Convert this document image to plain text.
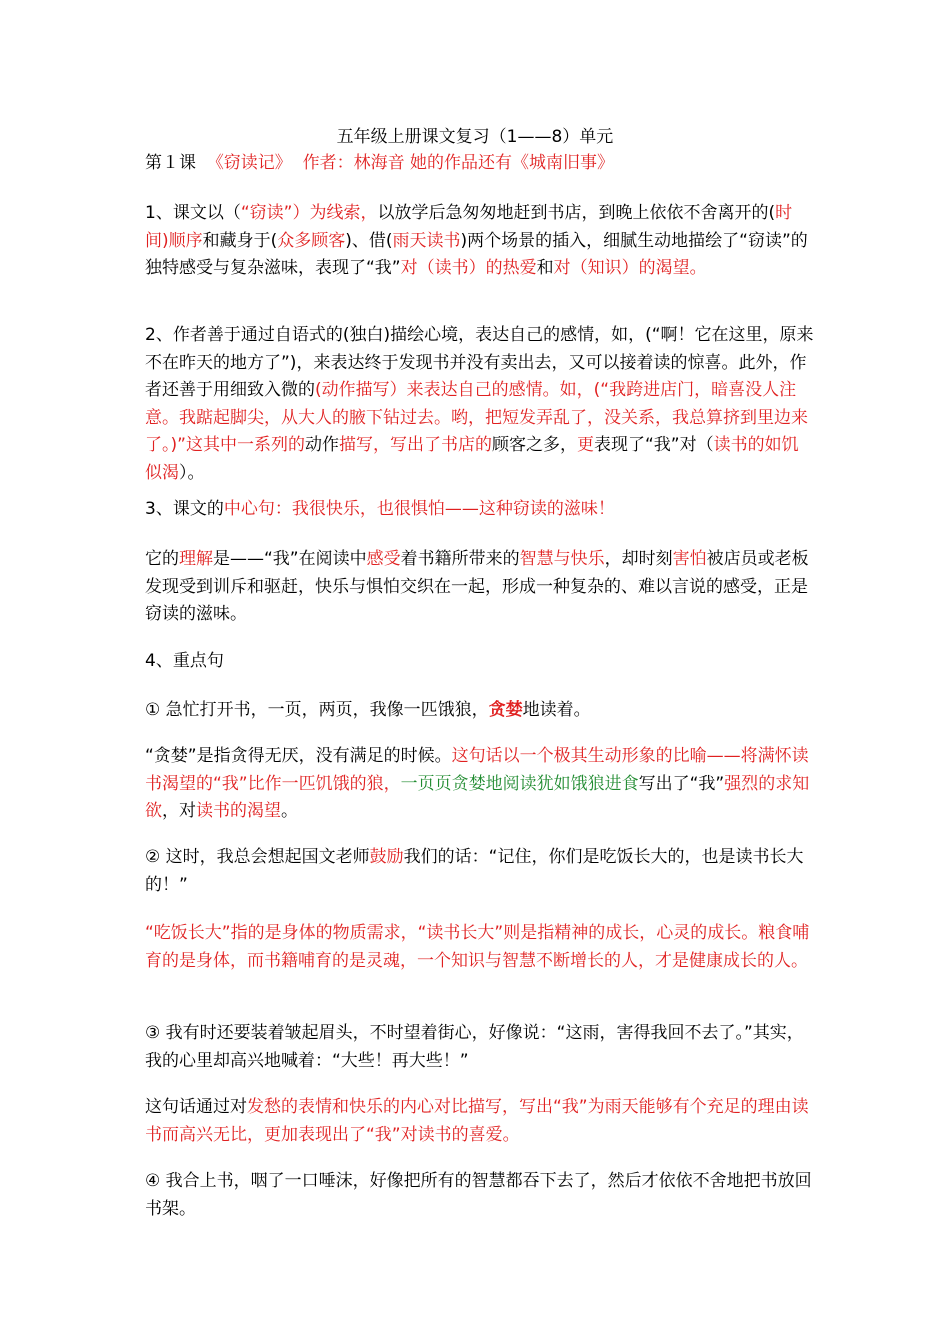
五年级上册课文复习（1——8）单元
第１课 《窃读记》 作者：林海音 她的作品还有《城南旧事》
1、课文以（“窃读”）为线索，以放学后急匆匆地赶到书店，到晚上依依不舍离开的(时间)顺序和藏身于(众多顾客)、借(雨天读书)两个场景的插入，细腻生动地描绘了“窃读”的独特感受与复杂滋味，表现了“我”对（读书）的热爱和对（知识）的渴望。
2、作者善于通过自语式的(独白)描绘心境，表达自己的感情，如，(“啊！它在这里，原来不在昨天的地方了”)，来表达终于发现书并没有卖出去，又可以接着读的惊喜。此外，作者还善于用细致入微的(动作描写）来表达自己的感情。如，(“我跨进店门，暗喜没人注意。我踮起脚尖，从大人的腋下钻过去。哟，把短发弄乱了，没关系，我总算挤到里边来了。)”这其中一系列的动作描写，写出了书店的顾客之多，更表现了“我”对（读书的如饥似渴）。
3、课文的中心句：我很快乐，也很惧怕——这种窃读的滋味！
它的理解是——“我”在阅读中感受着书籍所带来的智慧与快乐，却时刻害怕被店员或老板发现受到训斥和驱赶，快乐与惧怕交织在一起，形成一种复杂的、难以言说的感受，正是窃读的滋味。
4、重点句
① 急忙打开书，一页，两页，我像一匹饿狼，贪婪地读着。
“贪婪”是指贪得无厌，没有满足的时候。这句话以一个极其生动形象的比喻——将满怀读书渴望的“我”比作一匹饥饿的狼，一页页贪婪地阅读犹如饿狼进食写出了“我”强烈的求知欲，对读书的渴望。
② 这时，我总会想起国文老师鼓励我们的话：“记住，你们是吃饭长大的，也是读书长大的！”
“吃饭长大”指的是身体的物质需求，“读书长大”则是指精神的成长，心灵的成长。粮食哺育的是身体，而书籍哺育的是灵魂，一个知识与智慧不断增长的人，才是健康成长的人。
③ 我有时还要装着皱起眉头，不时望着街心，好像说：“这雨，害得我回不去了。”其实，我的心里却高兴地喊着：“大些！再大些！”
这句话通过对发愁的表情和快乐的内心对比描写，写出“我”为雨天能够有个充足的理由读书而高兴无比，更加表现出了“我”对读书的喜爱。
④ 我合上书，咽了一口唾沫，好像把所有的智慧都吞下去了，然后才依依不舍地把书放回书架。
